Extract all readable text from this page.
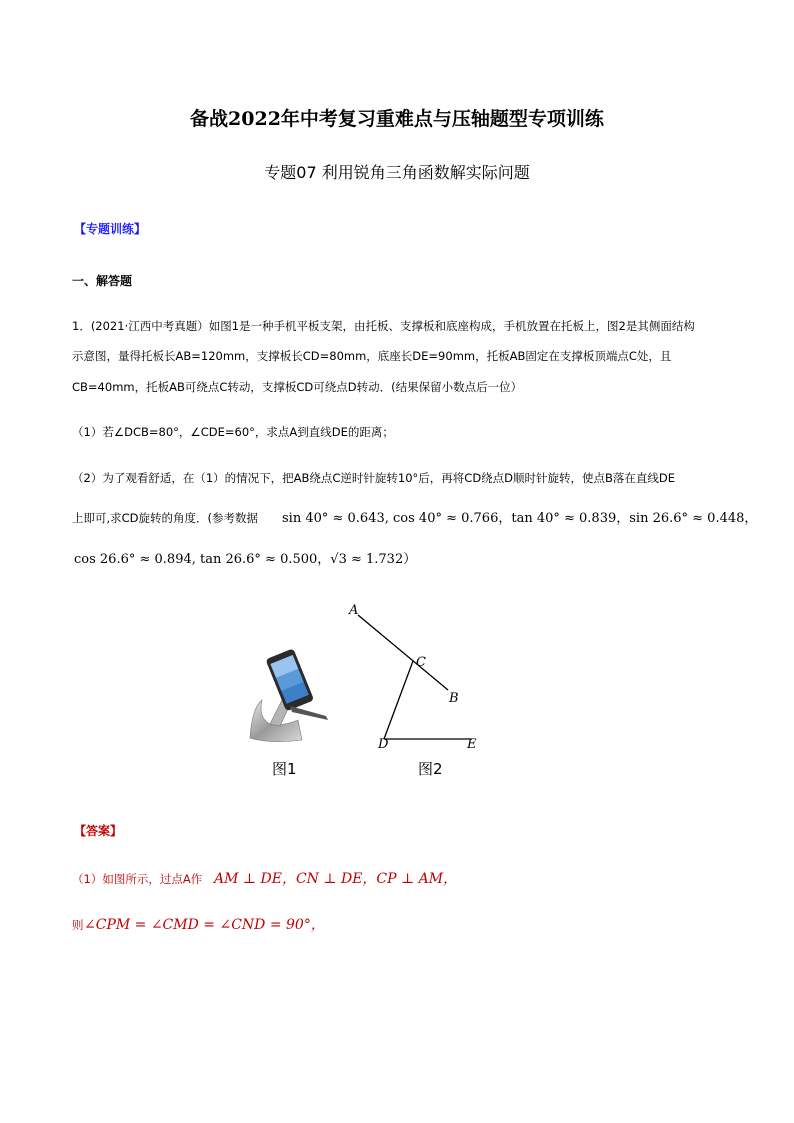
备战2022年中考复习重难点与压轴题型专项训练
专题07 利用锐角三角函数解实际问题
【专题训练】
一、解答题
1．(2021·江西中考真题）如图1是一种手机平板支架，由托板、支撑板和底座构成，手机放置在托板上，图2是其侧面结构
示意图，量得托板长AB=120mm，支撑板长CD=80mm，底座长DE=90mm，托板AB固定在支撑板顶端点C处，且
CB=40mm，托板AB可绕点C转动，支撑板CD可绕点D转动．(结果保留小数点后一位）
（1）若∠DCB=80°，∠CDE=60°，求点A到直线DE的距离；
（2）为了观看舒适，在（1）的情况下，把AB绕点C逆时针旋转10°后，再将CD绕点D顺时针旋转，使点B落在直线DE
上即可,求CD旋转的角度．(参考数据 sin 40° ≈ 0.643, cos 40° ≈ 0.766，tan 40° ≈ 0.839，sin 26.6° ≈ 0.448，
cos 26.6° ≈ 0.894, tan 26.6° ≈ 0.500，√3 ≈ 1.732）
图1
A
C
B
D	E
图2
【答案】
（1）如图所示，过点A作 AM ⊥ DE，CN ⊥ DE，CP ⊥ AM，
则 ∠CPM = ∠CMD = ∠CND = 90°，
